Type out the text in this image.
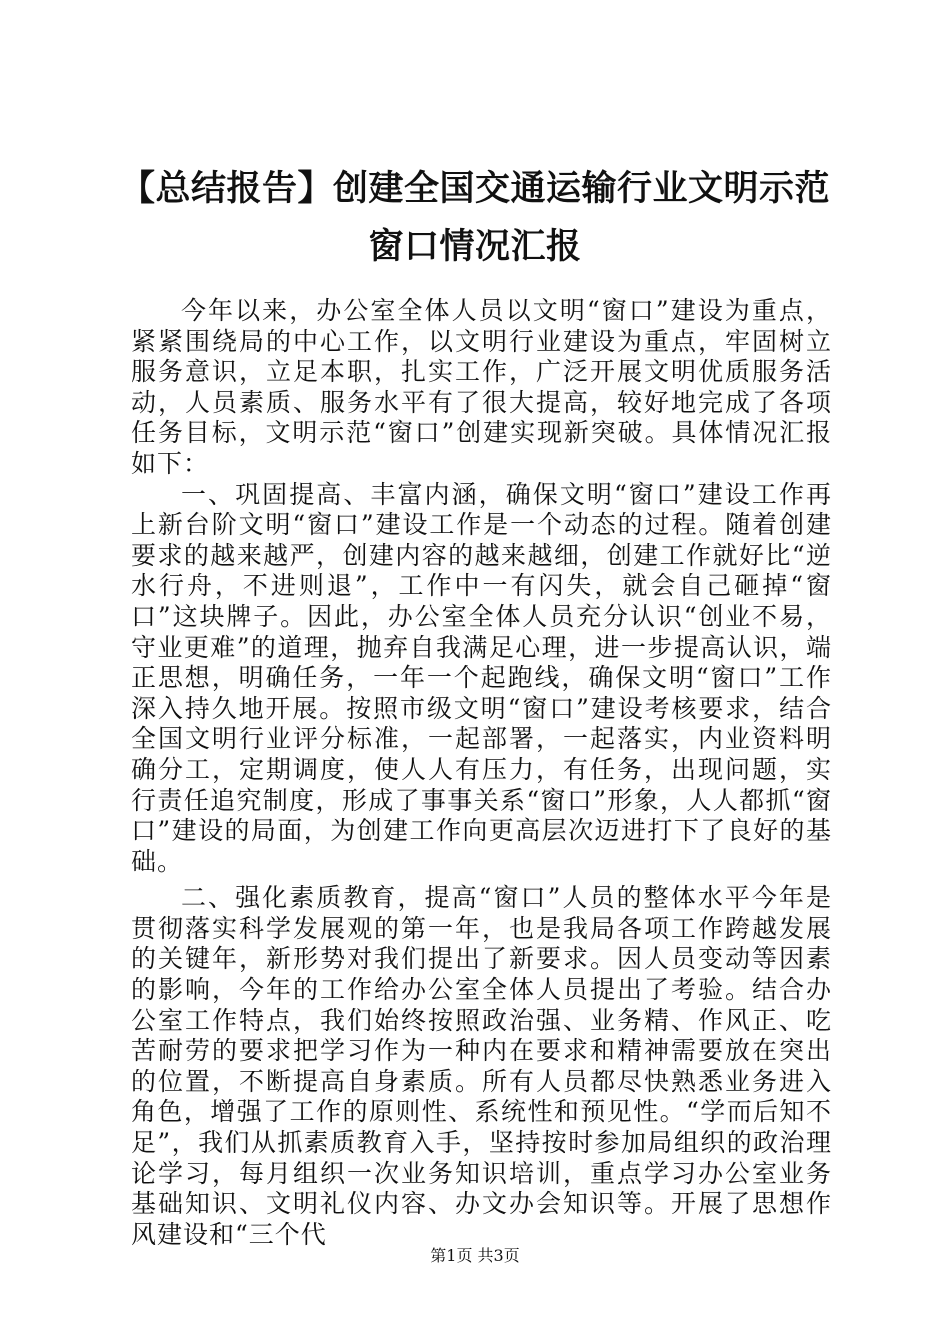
【总结报告】创建全国交通运输行业文明示范
窗口情况汇报

今年以来，办公室全体人员以文明“窗口”建设为重点，紧紧围绕局的中心工作，以文明行业建设为重点，牢固树立服务意识，立足本职，扎实工作，广泛开展文明优质服务活动，人员素质、服务水平有了很大提高，较好地完成了各项任务目标，文明示范“窗口”创建实现新突破。具体情况汇报如下：

一、巩固提高、丰富内涵，确保文明“窗口”建设工作再上新台阶文明“窗口”建设工作是一个动态的过程。随着创建要求的越来越严，创建内容的越来越细，创建工作就好比“逆水行舟，不进则退”，工作中一有闪失，就会自己砸掉“窗口”这块牌子。因此，办公室全体人员充分认识“创业不易，守业更难”的道理，抛弃自我满足心理，进一步提高认识，端正思想，明确任务，一年一个起跑线，确保文明“窗口”工作深入持久地开展。按照市级文明“窗口”建设考核要求，结合全国文明行业评分标准，一起部署，一起落实，内业资料明确分工，定期调度，使人人有压力，有任务，出现问题，实行责任追究制度，形成了事事关系“窗口”形象，人人都抓“窗口”建设的局面，为创建工作向更高层次迈进打下了良好的基础。

二、强化素质教育，提高“窗口”人员的整体水平今年是贯彻落实科学发展观的第一年，也是我局各项工作跨越发展的关键年，新形势对我们提出了新要求。因人员变动等因素的影响，今年的工作给办公室全体人员提出了考验。结合办公室工作特点，我们始终按照政治强、业务精、作风正、吃苦耐劳的要求把学习作为一种内在要求和精神需要放在突出的位置，不断提高自身素质。所有人员都尽快熟悉业务进入角色，增强了工作的原则性、系统性和预见性。“学而后知不足”，我们从抓素质教育入手，坚持按时参加局组织的政治理论学习，每月组织一次业务知识培训，重点学习办公室业务基础知识、文明礼仪内容、办文办会知识等。开展了思想作风建设和“三个代

第1页 共3页
